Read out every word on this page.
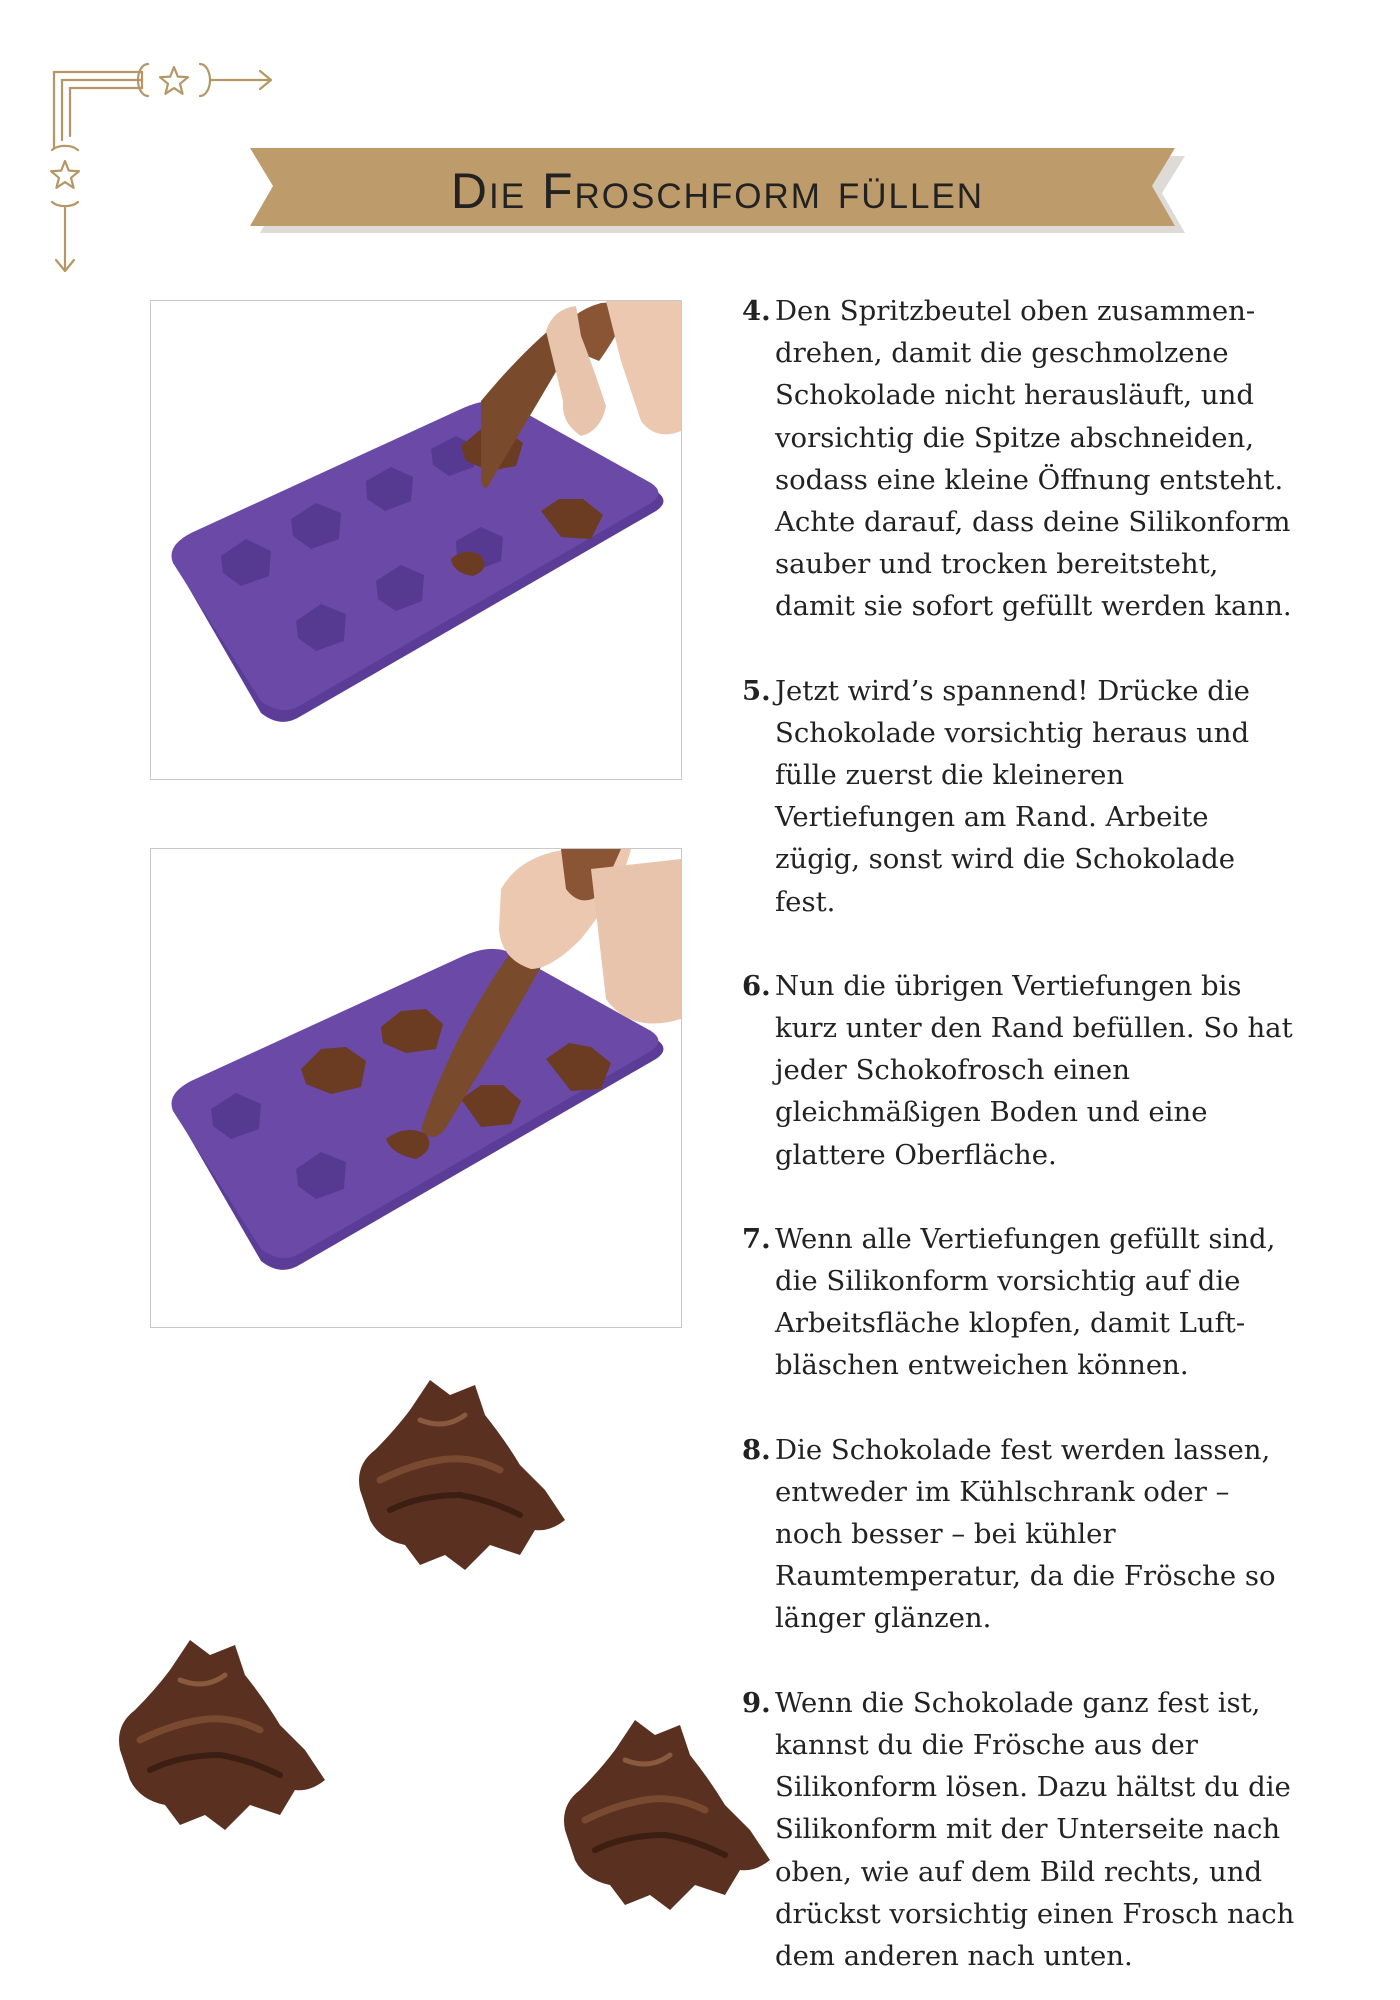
Die Froschform füllen
4. Den Spritzbeutel oben zusammendrehen, damit die geschmolzene Schokolade nicht herausläuft, und vorsichtig die Spitze abschneiden, sodass eine kleine Öffnung entsteht. Achte darauf, dass deine Silikonform sauber und trocken bereitsteht, damit sie sofort gefüllt werden kann.
5. Jetzt wird’s spannend! Drücke die Schokolade vorsichtig heraus und fülle zuerst die kleineren Vertiefungen am Rand. Arbeite zügig, sonst wird die Schokolade fest.
6. Nun die übrigen Vertiefungen bis kurz unter den Rand befüllen. So hat jeder Schokofrosch einen gleichmäßigen Boden und eine glattere Oberfläche.
7. Wenn alle Vertiefungen gefüllt sind, die Silikonform vorsichtig auf die Arbeitsfläche klopfen, damit Luftbläschen entweichen können.
8. Die Schokolade fest werden lassen, entweder im Kühlschrank oder – noch besser – bei kühler Raumtemperatur, da die Frösche so länger glänzen.
9. Wenn die Schokolade ganz fest ist, kannst du die Frösche aus der Silikonform lösen. Dazu hältst du die Silikonform mit der Unterseite nach oben, wie auf dem Bild rechts, und drückst vorsichtig einen Frosch nach dem anderen nach unten.
